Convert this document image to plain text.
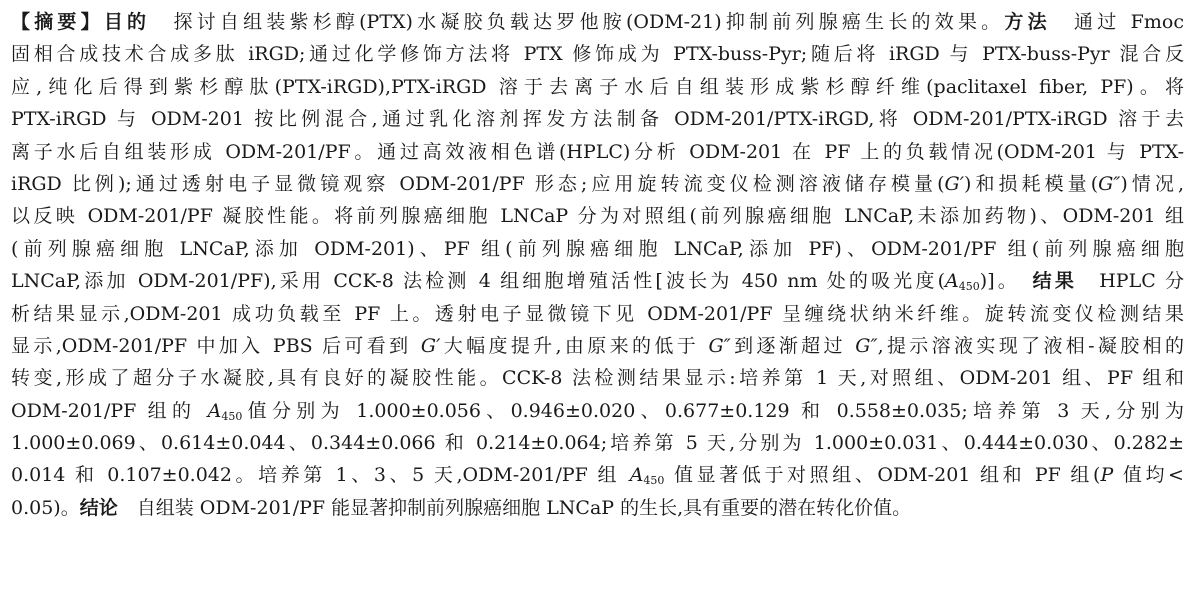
【摘要】目的　 探讨自组装紫杉醇(PTX)水凝胶负载达罗他胺(ODM-21)抑制前列腺癌生长的效果。方法　 通过 Fmoc
固相合成技术合成多肽 iRGD;通过化学修饰方法将 PTX 修饰成为 PTX-buss-Pyr;随后将 iRGD 与 PTX-buss-Pyr 混合反
应,纯化后得到紫杉醇肽(PTX-iRGD),PTX-iRGD 溶于去离子水后自组装形成紫杉醇纤维(paclitaxel fiber, PF)。将
PTX-iRGD 与 ODM-201 按比例混合,通过乳化溶剂挥发方法制备 ODM-201/PTX-iRGD,将 ODM-201/PTX-iRGD 溶于去
离子水后自组装形成 ODM-201/PF。通过高效液相色谱(HPLC)分析 ODM-201 在 PF 上的负载情况(ODM-201 与 PTX-
iRGD 比例);通过透射电子显微镜观察 ODM-201/PF 形态;应用旋转流变仪检测溶液储存模量(G′)和损耗模量(G″)情况,
以反映 ODM-201/PF 凝胶性能。将前列腺癌细胞 LNCaP 分为对照组(前列腺癌细胞 LNCaP,未添加药物)、ODM-201 组
(前列腺癌细胞 LNCaP,添加 ODM-201)、PF 组(前列腺癌细胞 LNCaP,添加 PF)、ODM-201/PF 组(前列腺癌细胞
LNCaP,添加 ODM-201/PF),采用 CCK-8 法检测 4 组细胞增殖活性[波长为 450 nm 处的吸光度$(A_{450})$]。　 结果　 HPLC 分
析结果显示,ODM-201 成功负载至 PF 上。透射电子显微镜下见 ODM-201/PF 呈缠绕状纳米纤维。旋转流变仪检测结果
显示,ODM-201/PF 中加入 PBS 后可看到 G′大幅度提升,由原来的低于 G″到逐渐超过 G″,提示溶液实现了液相-凝胶相的
转变,形成了超分子水凝胶,具有良好的凝胶性能。CCK-8 法检测结果显示:培养第 1 天,对照组、ODM-201 组、PF 组和
ODM-201/PF 组的 $A_{450}$值分别为 1.000±0.056、0.946±0.020、0.677±0.129 和 0.558±0.035;培养第 3 天,分别为
1.000±0.069、0.614±0.044、0.344±0.066 和 0.214±0.064;培养第 5 天,分别为 1.000±0.031、0.444±0.030、0.282±
0.014 和 0.107±0.042。培养第 1、3、5 天,ODM-201/PF 组 $A_{450}$ 值显著低于对照组、ODM-201 组和 PF 组(P 值均<
0.05)。结论　 自组装 ODM-201/PF 能显著抑制前列腺癌细胞 LNCaP 的生长,具有重要的潜在转化价值。
